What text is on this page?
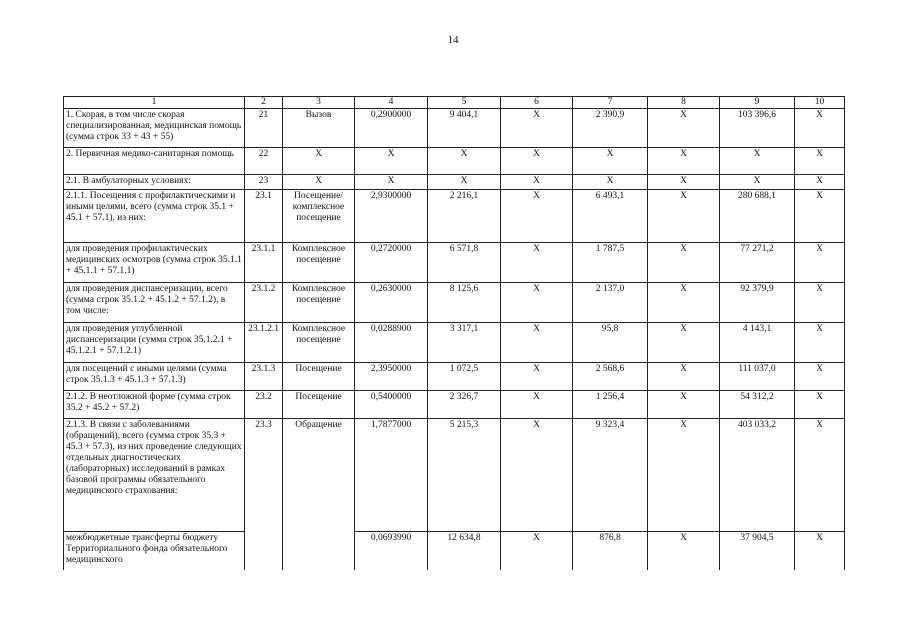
14
1	2	3	4	5	6	7	8	9	10
1. Скорая, в том числе скорая специализированная, медицинская помощь (сумма строк 33 + 43 + 55)	21	Вызов	0,2900000	9 404,1	X	2 390,9	X	103 396,6	X
2. Первичная медико-санитарная помощь	22	X	X	X	X	X	X	X	X
2.1. В амбулаторных условиях:	23	X	X	X	X	X	X	X	X
2.1.1. Посещения с профилактическими и иными целями, всего (сумма строк 35.1 + 45.1 + 57.1), из них:	23.1	Посещение/ комплексное посещение	2,9300000	2 216,1	X	6 493,1	X	280 688,1	X
для проведения профилактических медицинских осмотров (сумма строк 35.1.1 + 45.1.1 + 57.1.1)	23.1.1	Комплексное посещение	0,2720000	6 571,8	X	1 787,5	X	77 271,2	X
для проведения диспансеризации, всего (сумма строк 35.1.2 + 45.1.2 + 57.1.2), в том числе:	23.1.2	Комплексное посещение	0,2630000	8 125,6	X	2 137,0	X	92 379,9	X
для проведения углубленной диспансеризации (сумма строк 35.1.2.1 + 45.1.2.1 + 57.1.2.1)	23.1.2.1	Комплексное посещение	0,0288900	3 317,1	X	95,8	X	4 143,1	X
для посещений с иными целями (сумма строк 35.1.3 + 45.1.3 + 57.1.3)	23.1.3	Посещение	2,3950000	1 072,5	X	2 568,6	X	111 037,0	X
2.1.2. В неотложной форме (сумма строк 35.2 + 45.2 + 57.2)	23.2	Посещение	0,5400000	2 326,7	X	1 256,4	X	54 312,2	X
2.1.3. В связи с заболеваниями (обращений), всего (сумма строк 35.3 + 45.3 + 57.3), из них проведение следующих отдельных диагностических (лабораторных) исследований в рамках базовой программы обязательного медицинского страхования:	23.3	Обращение	1,7877000	5 215,3	X	9 323,4	X	403 033,2	X
межбюджетные трансферты бюджету Территориального фонда обязательного медицинского			0,0693990	12 634,8	X	876,8	X	37 904,5	X
